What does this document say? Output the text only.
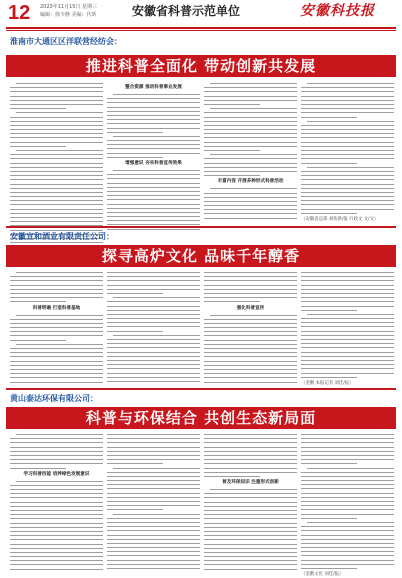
12 2023年11月15日 星期三
编辑：徐少静 美编：代昕	安徽省科普示范单位	安徽科技报
淮南市大通区区洋联营经纺会：
推进科普全面化 带动创新共发展
整合资源 推动科普事业发展
增强意识 夯实科普宣传效果
丰富内容 开展多种形式科普活动
（安徽省总部 刘珩新/报 行政文 文/文）
安徽宣和酒业有限责任公司：
探寻高炉文化 品味千年醇香
科普明确 打造科普基地	强化科普宣传
（金鹅 本报记者 刘佳/报）
黄山泰达环保有限公司：
科普与环保结合 共创生态新局面
学习科普技能 培养绿色发展意识
普及环保知识 注重形式创新
（金鹅文化 刘佳/报）
